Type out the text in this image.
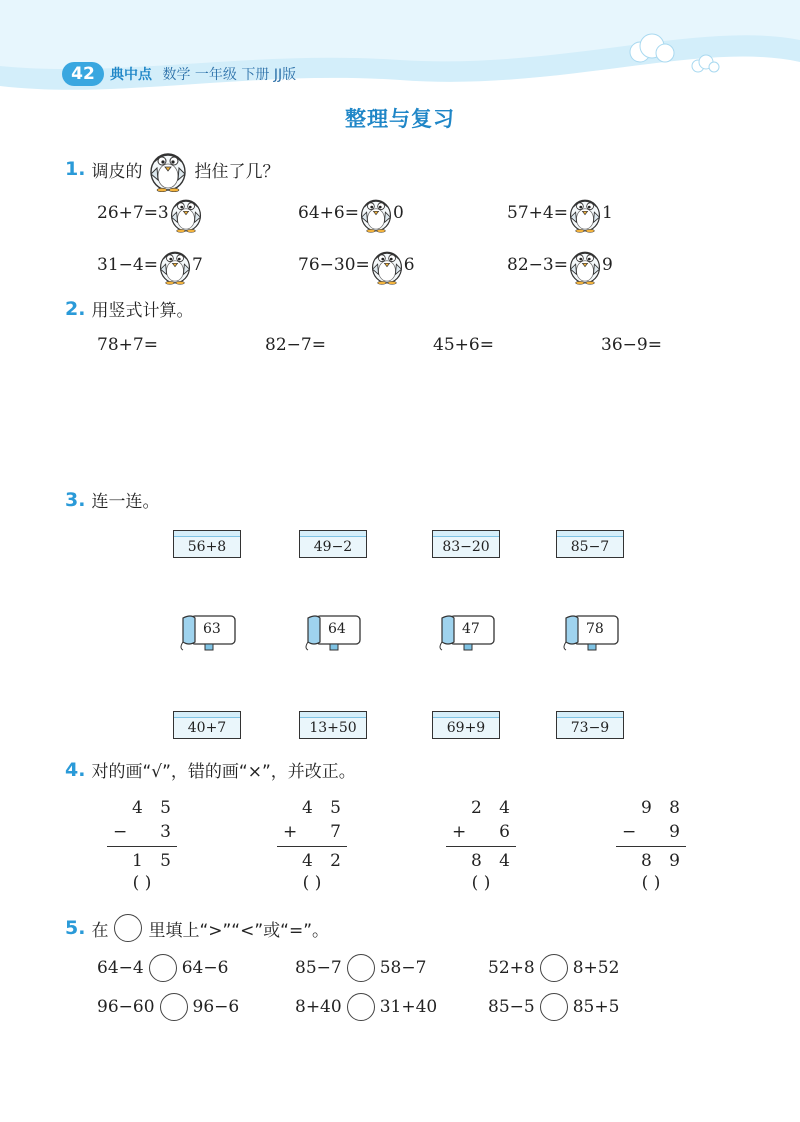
42	典中点 数学 一年级 下册 JJ版
整理与复习
1. 调皮的	挡住了几？
26+7=3	64+6= 0	57+4= 1
31−4= 7	76−30= 6	82−3= 9
2. 用竖式计算。
78+7=	82−7=	45+6=	36−9=
3. 连一连。
56+8	49−2	83−20	85−7
63	64	47	78
40+7	13+50	69+9	73−9
4. 对的画“√”，错的画“×”，并改正。
4 5
− 3
1 5
( )
4 5
+ 7
4 2
( )
2 4
+ 6
8 4
( )
9 8
− 9
8 9
( )
5. 在 里填上“>”“<”或“=”。
64−4 64−6	85−7 58−7	52+8 8+52
96−60 96−6	8+40 31+40	85−5 85+5
